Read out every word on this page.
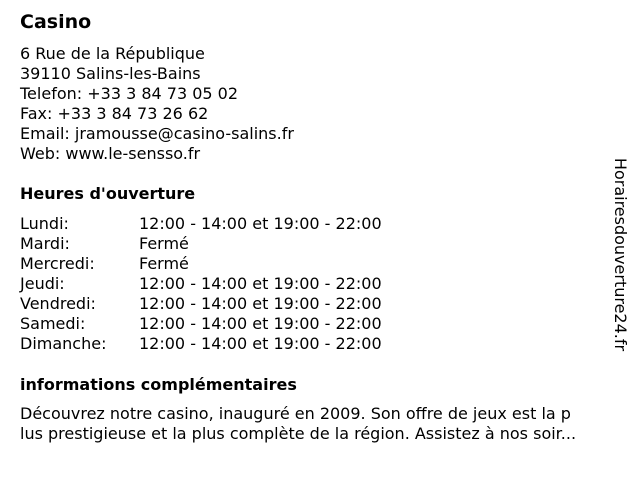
Casino
6 Rue de la République
39110 Salins-les-Bains
Telefon: +33 3 84 73 05 02
Fax: +33 3 84 73 26 62
Email: jramousse@casino-salins.fr
Web: www.le-sensso.fr
Heures d'ouverture
Lundi:	12:00 - 14:00 et 19:00 - 22:00
Mardi:	Fermé
Mercredi:	Fermé
Jeudi:	12:00 - 14:00 et 19:00 - 22:00
Vendredi:	12:00 - 14:00 et 19:00 - 22:00
Samedi:	12:00 - 14:00 et 19:00 - 22:00
Dimanche: 12:00 - 14:00 et 19:00 - 22:00
informations complémentaires
Découvrez notre casino, inauguré en 2009. Son offre de jeux est la p
lus prestigieuse et la plus complète de la région. Assistez à nos soir...
Horairesdouverture24.fr
